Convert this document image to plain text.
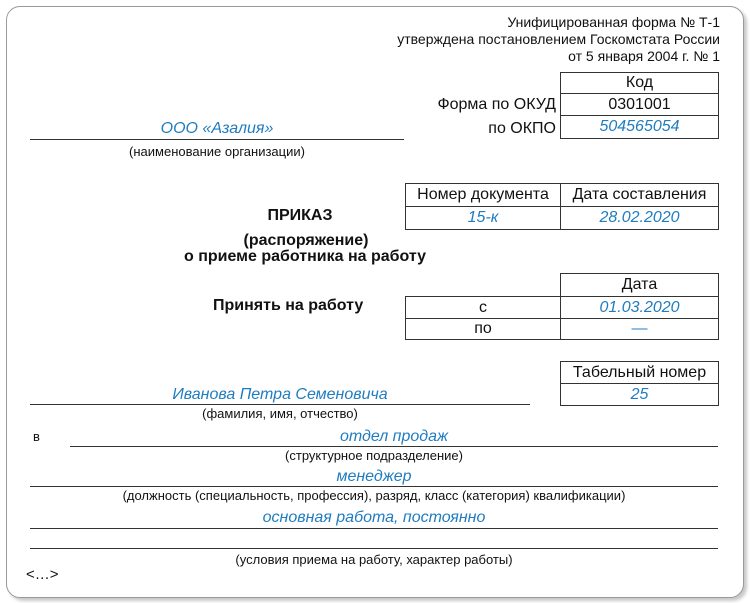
Унифицированная форма № Т-1
утверждена постановлением Госкомстата России
от 5 января 2004 г. № 1
Код
Форма по ОКУД	0301001
по ОКПО	504565054
ООО «Азалия»
(наименование организации)
Номер документа	Дата составления
15-к	28.02.2020
ПРИКАЗ
(распоряжение)
о приеме работника на работу
Принять на работу
Дата
с	01.03.2020
по	—
Табельный номер
25
Иванова Петра Семеновича
(фамилия, имя, отчество)
в	отдел продаж
(структурное подразделение)
менеджер
(должность (специальность, профессия), разряд, класс (категория) квалификации)
основная работа, постоянно
(условия приема на работу, характер работы)
<…>
